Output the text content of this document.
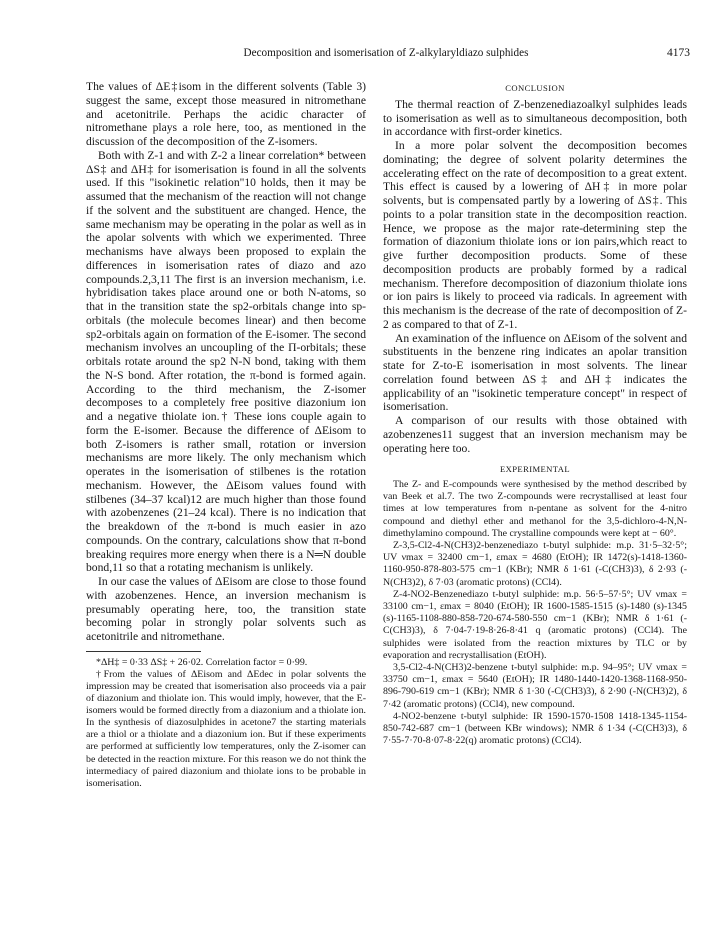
Decomposition and isomerisation of Z-alkylaryldiazo sulphides	4173

The values of ΔE‡isom in the different solvents (Table 3) suggest the same, except those measured in nitromethane and acetonitrile. Perhaps the acidic character of nitromethane plays a role here, too, as mentioned in the discussion of the decomposition of the Z-isomers.

Both with Z-1 and with Z-2 a linear correlation* between ΔS‡ and ΔH‡ for isomerisation is found in all the solvents used. If this "isokinetic relation"10 holds, then it may be assumed that the mechanism of the reaction will not change if the solvent and the substituent are changed. Hence, the same mechanism may be operating in the polar as well as in the apolar solvents with which we experimented. Three mechanisms have always been proposed to explain the differences in isomerisation rates of diazo and azo compounds.2,3,11 The first is an inversion mechanism, i.e. hybridisation takes place around one or both N-atoms, so that in the transition state the sp2-orbitals change into sp-orbitals (the molecule becomes linear) and then become sp2-orbitals again on formation of the E-isomer. The second mechanism involves an uncoupling of the Π-orbitals; these orbitals rotate around the sp2 N-N bond, taking with them the N-S bond. After rotation, the π-bond is formed again. According to the third mechanism, the Z-isomer decomposes to a completely free positive diazonium ion and a negative thiolate ion.† These ions couple again to form the E-isomer. Because the difference of ΔEisom to both Z-isomers is rather small, rotation or inversion mechanisms are more likely. The only mechanism which operates in the isomerisation of stilbenes is the rotation mechanism. However, the ΔEisom values found with stilbenes (34–37 kcal)12 are much higher than those found with azobenzenes (21–24 kcal). There is no indication that the breakdown of the π-bond is much easier in azo compounds. On the contrary, calculations show that π-bond breaking requires more energy when there is a N═N double bond,11 so that a rotating mechanism is unlikely.

In our case the values of ΔEisom are close to those found with azobenzenes. Hence, an inversion mechanism is presumably operating here, too, the transition state becoming polar in strongly polar solvents such as acetonitrile and nitromethane.

*ΔH‡ = 0·33 ΔS‡ + 26·02. Correlation factor = 0·99.

†From the values of ΔEisom and ΔEdec in polar solvents the impression may be created that isomerisation also proceeds via a pair of diazonium and thiolate ion. This would imply, however, that the E-isomers would be formed directly from a diazonium and a thiolate ion. In the synthesis of diazosulphides in acetone7 the starting materials are a thiol or a thiolate and a diazonium ion. But if these experiments are performed at sufficiently low temperatures, only the Z-isomer can be detected in the reaction mixture. For this reason we do not think the intermediacy of paired diazonium and thiolate ions to be probable in isomerisation.

CONCLUSION

The thermal reaction of Z-benzenediazoalkyl sulphides leads to isomerisation as well as to simultaneous decomposition, both in accordance with first-order kinetics.

In a more polar solvent the decomposition becomes dominating; the degree of solvent polarity determines the accelerating effect on the rate of decomposition to a great extent. This effect is caused by a lowering of ΔH‡ in more polar solvents, but is compensated partly by a lowering of ΔS‡. This points to a polar transition state in the decomposition reaction. Hence, we propose as the major rate-determining step the formation of diazonium thiolate ions or ion pairs,which react to give further decomposition products. Some of these decomposition products are probably formed by a radical mechanism. Therefore decomposition of diazonium thiolate ions or ion pairs is likely to proceed via radicals. In agreement with this mechanism is the decrease of the rate of decomposition of Z-2 as compared to that of Z-1.

An examination of the influence on ΔEisom of the solvent and substituents in the benzene ring indicates an apolar transition state for Z-to-E isomerisation in most solvents. The linear correlation found between ΔS‡ and ΔH‡ indicates the applicability of an "isokinetic temperature concept" in respect of isomerisation.

A comparison of our results with those obtained with azobenzenes11 suggest that an inversion mechanism may be operating here too.

EXPERIMENTAL

The Z- and E-compounds were synthesised by the method described by van Beek et al.7. The two Z-compounds were recrystallised at least four times at low temperatures from n-pentane as solvent for the 4-nitro compound and diethyl ether and methanol for the 3,5-dichloro-4-N,N- dimethylamino compound. The crystalline compounds were kept at − 60°.

Z-3,5-Cl2-4-N(CH3)2-benzenediazo t-butyl sulphide: m.p. 31·5–32·5°; UV νmax = 32400 cm−1, εmax = 4680 (EtOH); IR 1472(s)-1418-1360-1160-950-878-803-575 cm−1 (KBr); NMR δ 1·61 (-C(CH3)3), δ 2·93 (-N(CH3)2), δ 7·03 (aromatic protons) (CCl4).

Z-4-NO2-Benzenediazo t-butyl sulphide: m.p. 56·5–57·5°; UV νmax = 33100 cm−1, εmax = 8040 (EtOH); IR 1600-1585-1515 (s)-1480 (s)-1345 (s)-1165-1108-880-858-720-674-580-550 cm−1 (KBr); NMR δ 1·61 (-C(CH3)3), δ 7·04-7·19-8·26-8·41 q (aromatic protons) (CCl4). The sulphides were isolated from the reaction mixtures by TLC or by evaporation and recrystallisation (EtOH).

3,5-Cl2-4-N(CH3)2-benzene t-butyl sulphide: m.p. 94–95°; UV νmax = 33750 cm−1, εmax = 5640 (EtOH); IR 1480-1440-1420-1368-1168-950-896-790-619 cm−1 (KBr); NMR δ 1·30 (-C(CH3)3), δ 2·90 (-N(CH3)2), δ 7·42 (aromatic protons) (CCl4), new compound.

4-NO2-benzene t-butyl sulphide: IR 1590-1570-1508 1418-1345-1154-850-742-687 cm−1 (between KBr windows); NMR δ 1·34 (-C(CH3)3), δ 7·55-7·70-8·07-8·22(q) aromatic protons) (CCl4).
